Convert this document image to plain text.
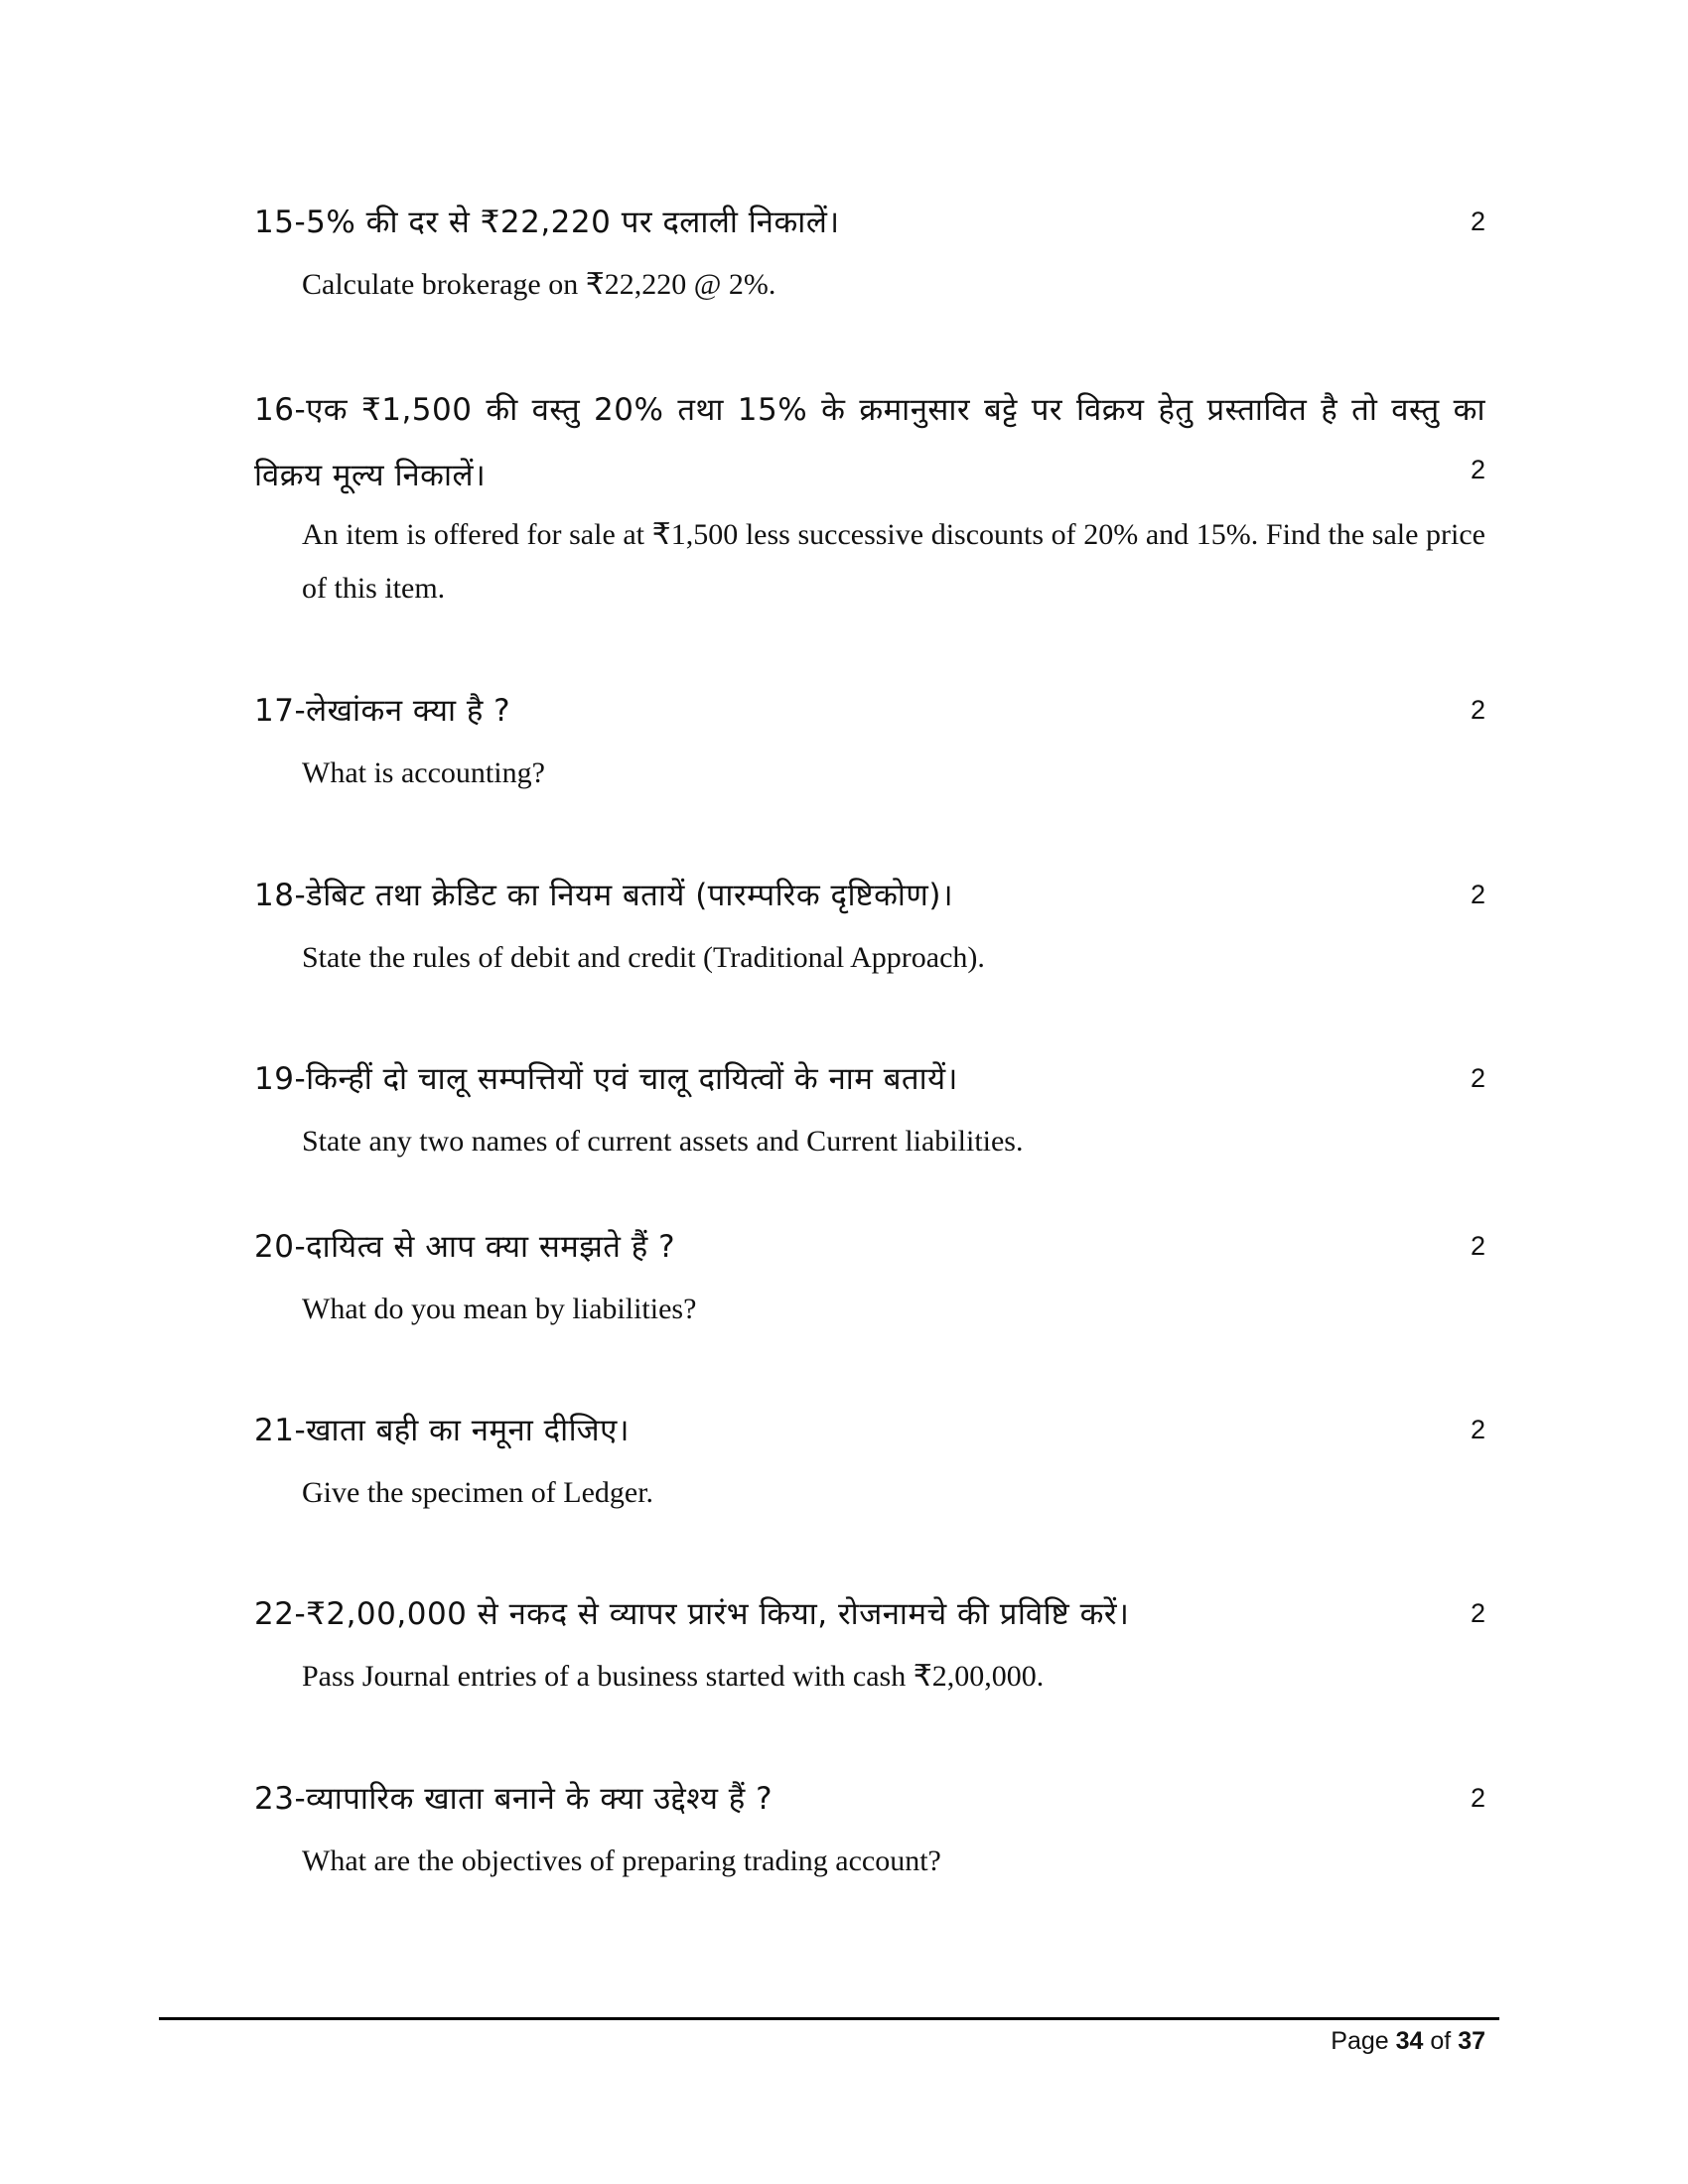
15-5% की दर से ₹22,220 पर दलाली निकालें।	2
Calculate brokerage on ₹22,220 @ 2%.
16-एक ₹1,500 की वस्तु 20% तथा 15% के क्रमानुसार बट्टे पर विक्रय हेतु प्रस्तावित है तो वस्तु का विक्रय मूल्य निकालें।	2
An item is offered for sale at ₹1,500 less successive discounts of 20% and 15%. Find the sale price of this item.
17-लेखांकन क्या है ?	2
What is accounting?
18-डेबिट तथा क्रेडिट का नियम बतायें (पारम्परिक दृष्टिकोण)।	2
State the rules of debit and credit (Traditional Approach).
19-किन्हीं दो चालू सम्पत्तियों एवं चालू दायित्वों के नाम बतायें।	2
State any two names of current assets and Current liabilities.
20-दायित्व से आप क्या समझते हैं ?	2
What do you mean by liabilities?
21-खाता बही का नमूना दीजिए।	2
Give the specimen of Ledger.
22-₹2,00,000 से नकद से व्यापर प्रारंभ किया, रोजनामचे की प्रविष्टि करें।	2
Pass Journal entries of a business started with cash ₹2,00,000.
23-व्यापारिक खाता बनाने के क्या उद्देश्य हैं ?	2
What are the objectives of preparing trading account?
Page 34 of 37
